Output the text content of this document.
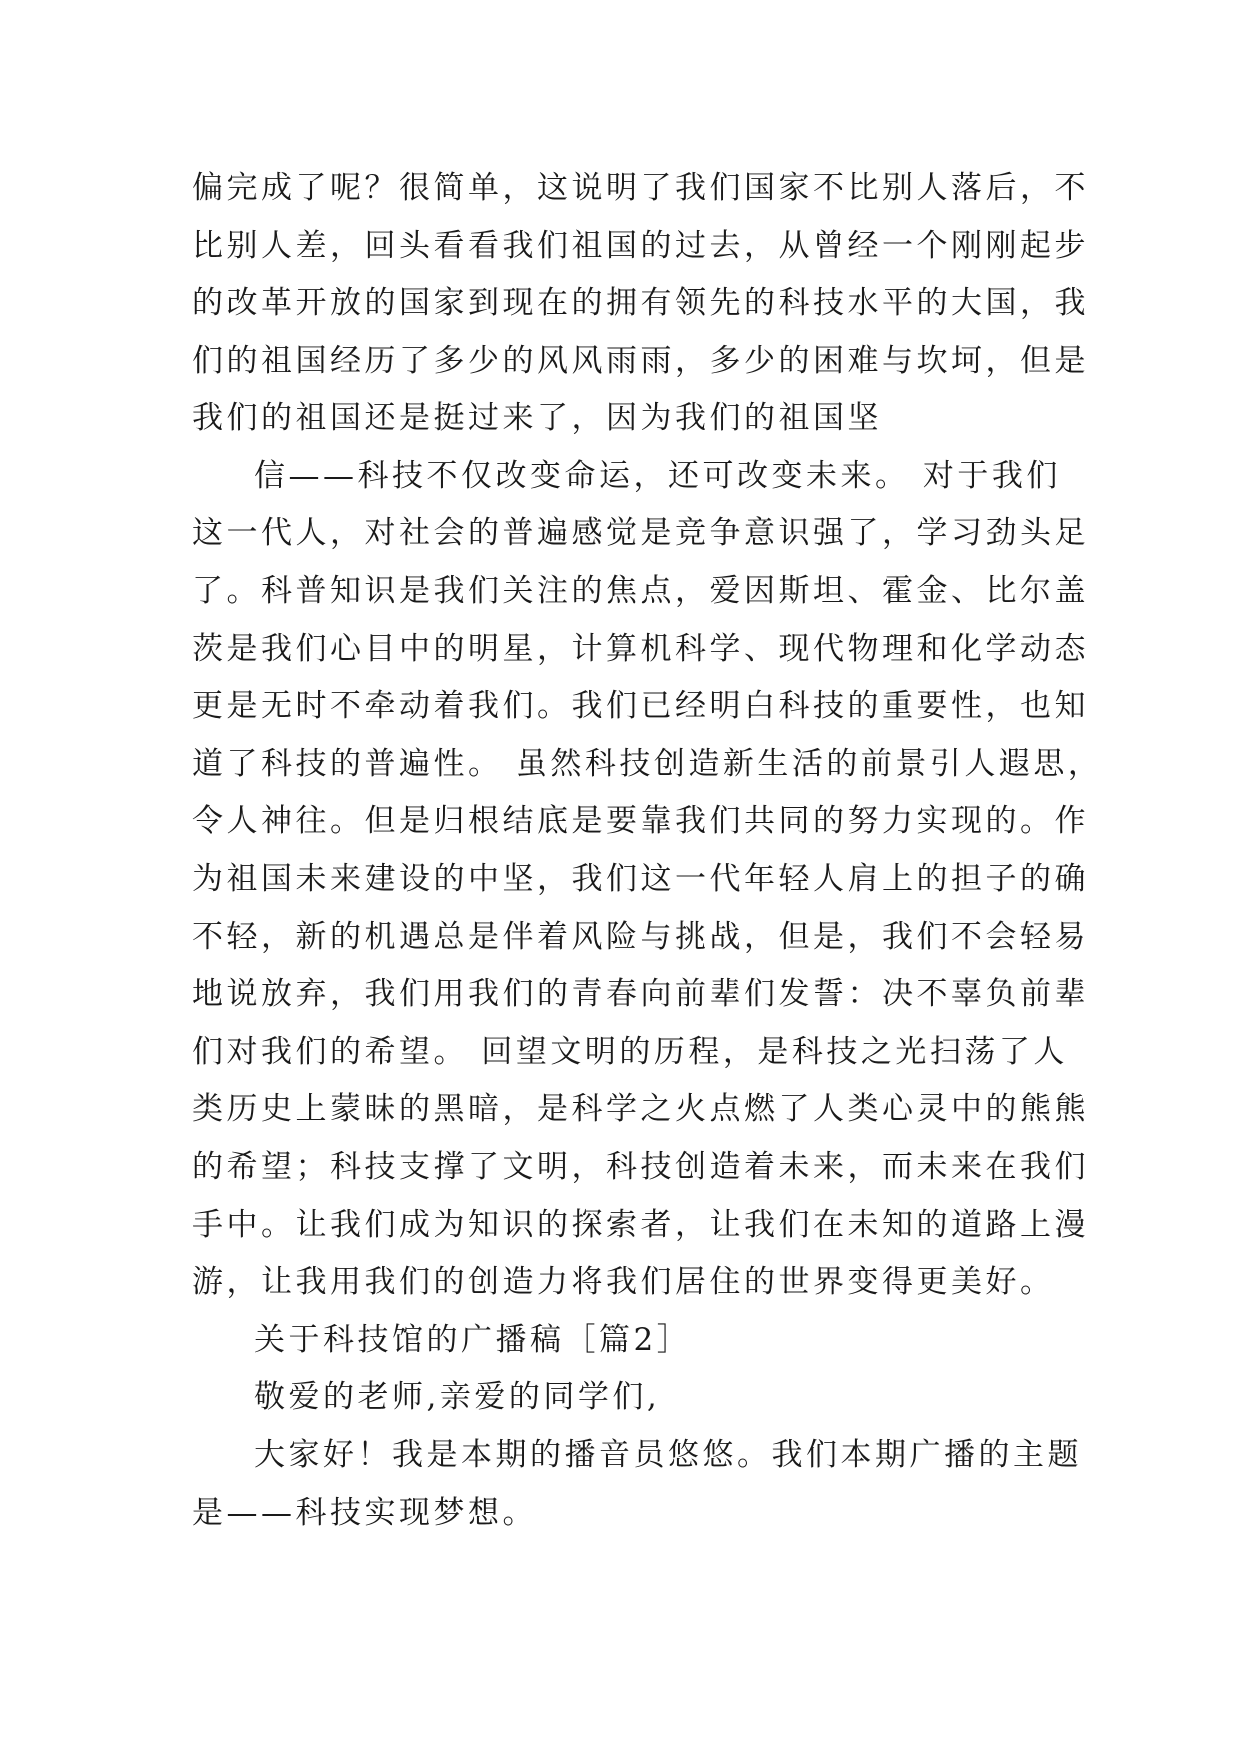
偏完成了呢？很简单，这说明了我们国家不比别人落后，不
比别人差，回头看看我们祖国的过去，从曾经一个刚刚起步
的改革开放的国家到现在的拥有领先的科技水平的大国，我
们的祖国经历了多少的风风雨雨，多少的困难与坎坷，但是
我们的祖国还是挺过来了，因为我们的祖国坚
信——科技不仅改变命运，还可改变未来。 对于我们
这一代人，对社会的普遍感觉是竞争意识强了，学习劲头足
了。科普知识是我们关注的焦点，爱因斯坦、霍金、比尔盖
茨是我们心目中的明星，计算机科学、现代物理和化学动态
更是无时不牵动着我们。我们已经明白科技的重要性，也知
道了科技的普遍性。 虽然科技创造新生活的前景引人遐思，
令人神往。但是归根结底是要靠我们共同的努力实现的。作
为祖国未来建设的中坚，我们这一代年轻人肩上的担子的确
不轻，新的机遇总是伴着风险与挑战，但是，我们不会轻易
地说放弃，我们用我们的青春向前辈们发誓：决不辜负前辈
们对我们的希望。 回望文明的历程，是科技之光扫荡了人
类历史上蒙昧的黑暗，是科学之火点燃了人类心灵中的熊熊
的希望；科技支撑了文明，科技创造着未来，而未来在我们
手中。让我们成为知识的探索者，让我们在未知的道路上漫
游，让我用我们的创造力将我们居住的世界变得更美好。
关于科技馆的广播稿［篇2］
敬爱的老师,亲爱的同学们,
大家好！我是本期的播音员悠悠。我们本期广播的主题
是——科技实现梦想。
